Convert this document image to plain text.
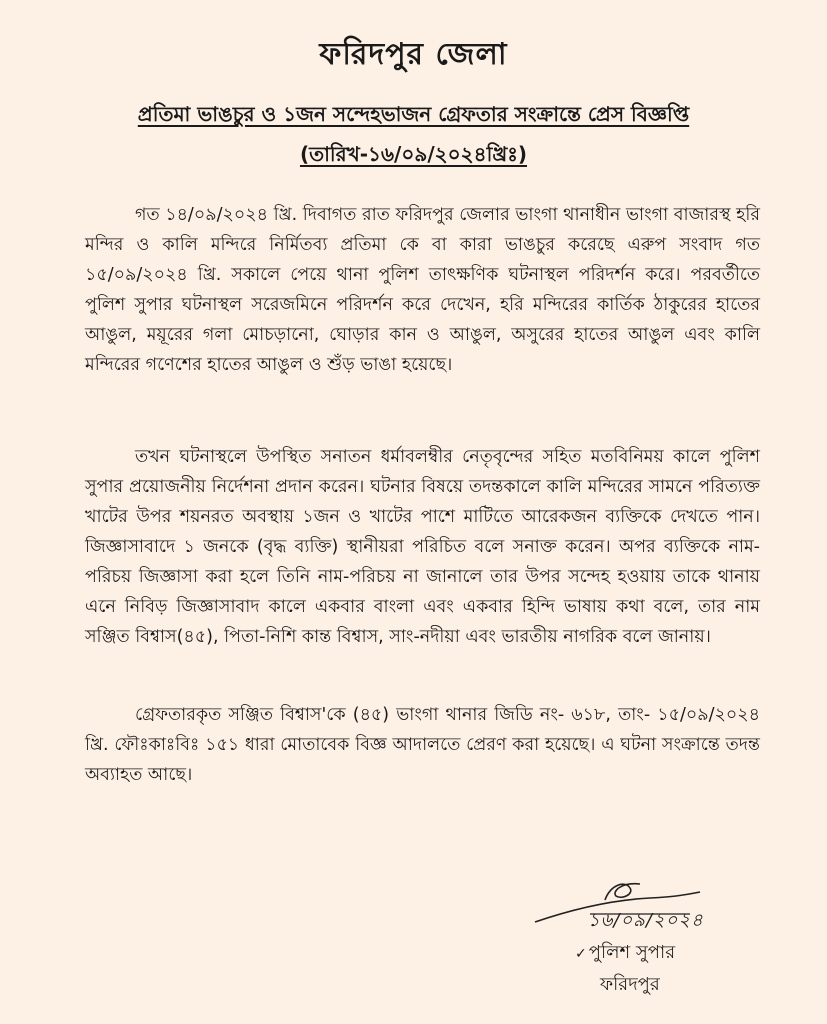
ফরিদপুর জেলা
প্রতিমা ভাঙচুর ও ১জন সন্দেহভাজন গ্রেফতার সংক্রান্তে প্রেস বিজ্ঞপ্তি
(তারিখ-১৬/০৯/২০২৪খ্রিঃ)

গত ১৪/০৯/২০২৪ খ্রি. দিবাগত রাত ফরিদপুর জেলার ভাংগা থানাধীন ভাংগা বাজারস্থ হরি মন্দির ও কালি মন্দিরে নির্মিতব্য প্রতিমা কে বা কারা ভাঙচুর করেছে এরুপ সংবাদ গত ১৫/০৯/২০২৪ খ্রি. সকালে পেয়ে থানা পুলিশ তাৎক্ষণিক ঘটনাস্থল পরিদর্শন করে। পরবর্তীতে পুলিশ সুপার ঘটনাস্থল সরেজমিনে পরিদর্শন করে দেখেন, হরি মন্দিরের কার্তিক ঠাকুরের হাতের আঙুল, ময়ূরের গলা মোচড়ানো, ঘোড়ার কান ও আঙুল, অসুরের হাতের আঙুল এবং কালি মন্দিরের গণেশের হাতের আঙুল ও শুঁড় ভাঙা হয়েছে।

তখন ঘটনাস্থলে উপস্থিত সনাতন ধর্মাবলম্বীর নেতৃবৃন্দের সহিত মতবিনিময় কালে পুলিশ সুপার প্রয়োজনীয় নির্দেশনা প্রদান করেন। ঘটনার বিষয়ে তদন্তকালে কালি মন্দিরের সামনে পরিত্যক্ত খাটের উপর শয়নরত অবস্থায় ১জন ও খাটের পাশে মাটিতে আরেকজন ব্যক্তিকে দেখতে পান। জিজ্ঞাসাবাদে ১ জনকে (বৃদ্ধ ব্যক্তি) স্থানীয়রা পরিচিত বলে সনাক্ত করেন। অপর ব্যক্তিকে নাম-পরিচয় জিজ্ঞাসা করা হলে তিনি নাম-পরিচয় না জানালে তার উপর সন্দেহ হওয়ায় তাকে থানায় এনে নিবিড় জিজ্ঞাসাবাদ কালে একবার বাংলা এবং একবার হিন্দি ভাষায় কথা বলে, তার নাম সঞ্জিত বিশ্বাস(৪৫), পিতা-নিশি কান্ত বিশ্বাস, সাং-নদীয়া এবং ভারতীয় নাগরিক বলে জানায়।

গ্রেফতারকৃত সঞ্জিত বিশ্বাস'কে (৪৫) ভাংগা থানার জিডি নং- ৬১৮, তাং- ১৫/০৯/২০২৪ খ্রি. ফৌঃকাঃবিঃ ১৫১ ধারা মোতাবেক বিজ্ঞ আদালতে প্রেরণ করা হয়েছে। এ ঘটনা সংক্রান্তে তদন্ত অব্যাহত আছে।

১৬/০৯/২০২৪
✓ পুলিশ সুপার
ফরিদপুর
